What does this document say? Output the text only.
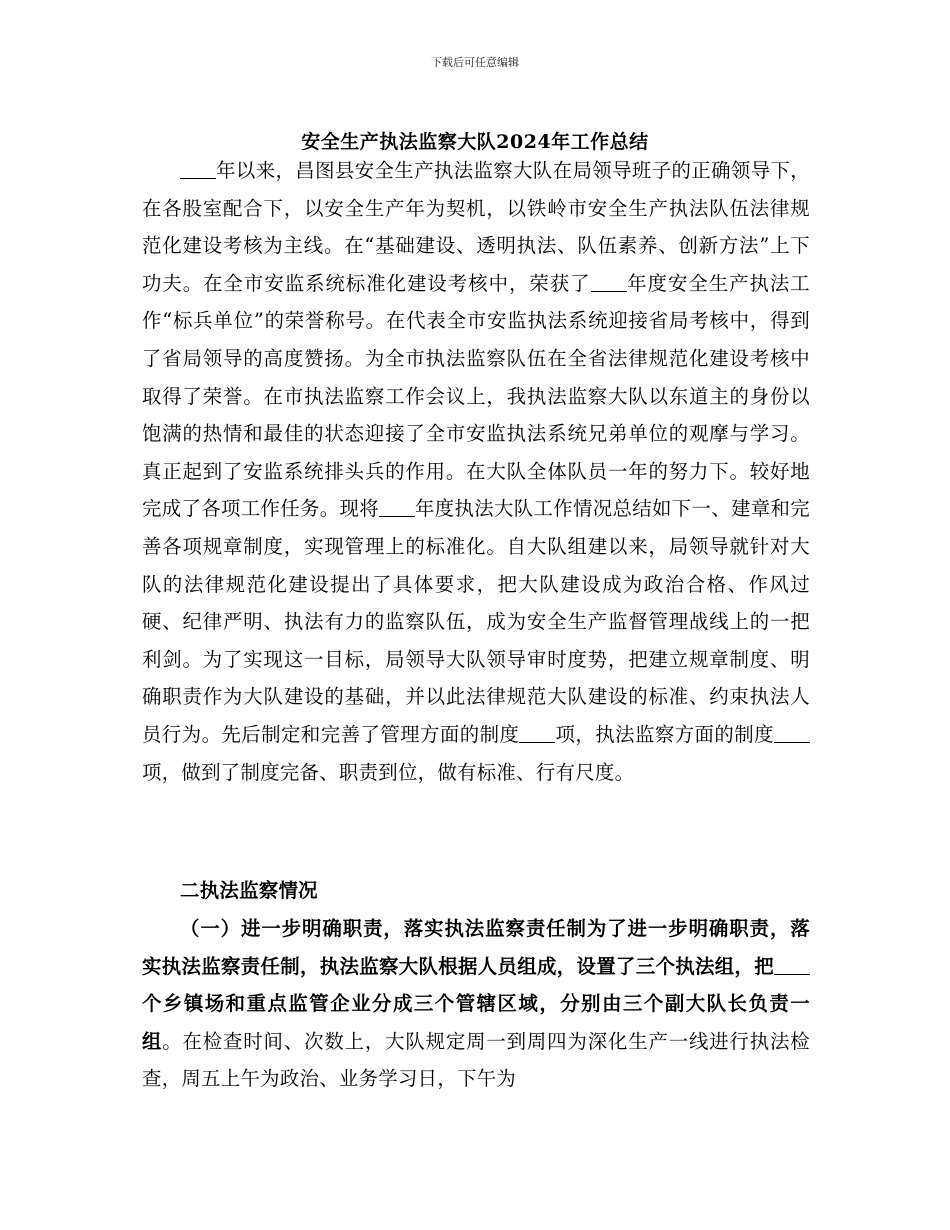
下载后可任意编辑
安全生产执法监察大队2024年工作总结
年以来，昌图县安全生产执法监察大队在局领导班子的正确领导下，在各股室配合下，以安全生产年为契机，以铁岭市安全生产执法队伍法律规范化建设考核为主线。在“基础建设、透明执法、队伍素养、创新方法”上下功夫。在全市安监系统标准化建设考核中，荣获了 年度安全生产执法工作“标兵单位”的荣誉称号。在代表全市安监执法系统迎接省局考核中，得到了省局领导的高度赞扬。为全市执法监察队伍在全省法律规范化建设考核中取得了荣誉。在市执法监察工作会议上，我执法监察大队以东道主的身份以饱满的热情和最佳的状态迎接了全市安监执法系统兄弟单位的观摩与学习。真正起到了安监系统排头兵的作用。在大队全体队员一年的努力下。较好地完成了各项工作任务。现将 年度执法大队工作情况总结如下一、建章和完善各项规章制度，实现管理上的标准化。自大队组建以来，局领导就针对大队的法律规范化建设提出了具体要求，把大队建设成为政治合格、作风过硬、纪律严明、执法有力的监察队伍，成为安全生产监督管理战线上的一把利剑。为了实现这一目标，局领导大队领导审时度势，把建立规章制度、明确职责作为大队建设的基础，并以此法律规范大队建设的标准、约束执法人员行为。先后制定和完善了管理方面的制度 项，执法监察方面的制度项，做到了制度完备、职责到位，做有标准、行有尺度。
二执法监察情况
（一）进一步明确职责，落实执法监察责任制为了进一步明确职责，落实执法监察责任制，执法监察大队根据人员组成，设置了三个执法组，把个乡镇场和重点监管企业分成三个管辖区域，分别由三个副大队长负责一组。在检查时间、次数上，大队规定周一到周四为深化生产一线进行执法检查，周五上午为政治、业务学习日，下午为
